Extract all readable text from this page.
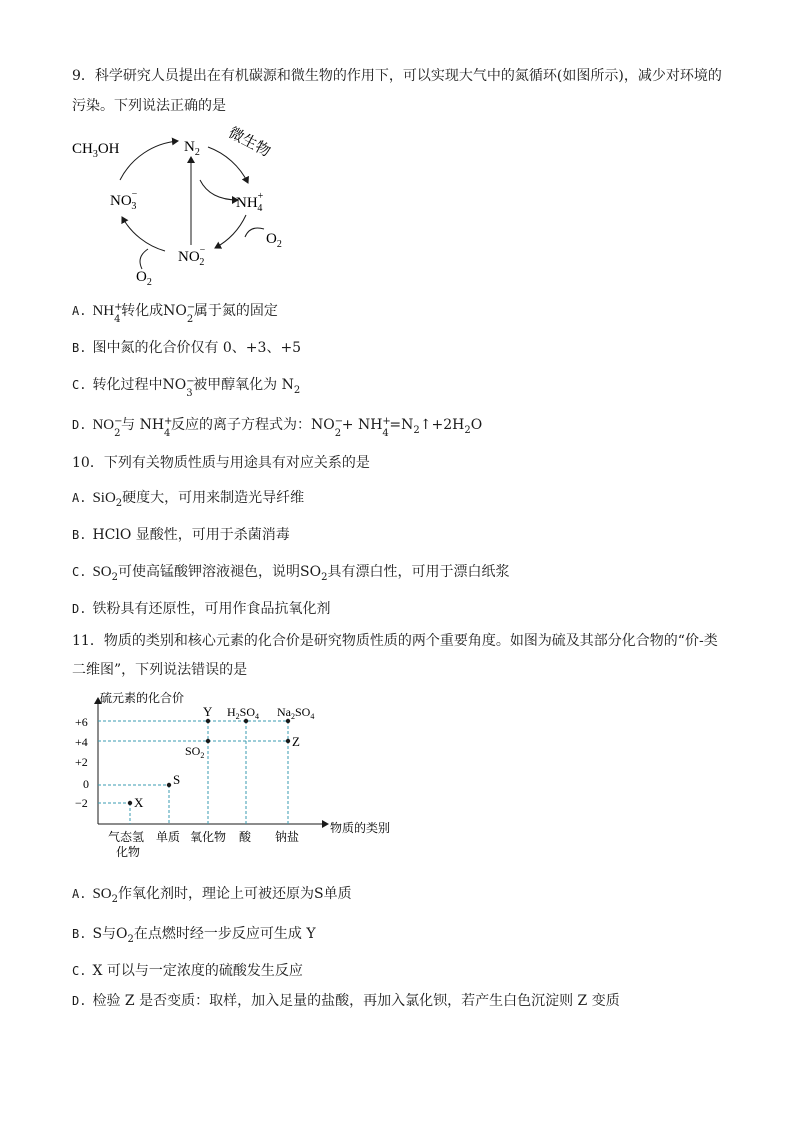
9．科学研究人员提出在有机碳源和微生物的作用下，可以实现大气中的氮循环(如图所示)，减少对环境的
污染。下列说法正确的是
$CH_3OH$	$N_2$ 微生物
NH+ 4
NO− 3
NO− 2
$O_2$
$O_2$
A. NH +
4
转化成NO −
2
属于氮的固定
B. 图中氮的化合价仅有 0、+3、+5
C. 转化过程中NO −
3
被甲醇氧化为 $N_2$
D. NO −
2
与 NH +
4
反应的离子方程式为：NO −
2
+ NH +
4
$=N_2↑+2H_2O$
10．下列有关物质性质与用途具有对应关系的是
A. SiO$_2$硬度大，可用来制造光导纤维
B. HClO 显酸性，可用于杀菌消毒
C. $SO_2$可使高锰酸钾溶液褪色，说明$SO_2$具有漂白性，可用于漂白纸浆
D. 铁粉具有还原性，可用作食品抗氧化剂
11．物质的类别和核心元素的化合价是研究物质性质的两个重要角度。如图为硫及其部分化合物的“价-类
二维图”，下列说法错误的是
硫元素的化合价
物质的类别
+6
+4
+2
0
−2	X
S
Y
$SO_2$
$H_2SO_4$ $Na_2SO_4$
Z
气态氢
化物
单质 氧化物 酸 钠盐
A. $SO_2$作氧化剂时，理论上可被还原为S单质
B. S与$O_2$在点燃时经一步反应可生成 Y
C. X 可以与一定浓度的硫酸发生反应
D. 检验 Z 是否变质：取样，加入足量的盐酸，再加入氯化钡，若产生白色沉淀则 Z 变质
